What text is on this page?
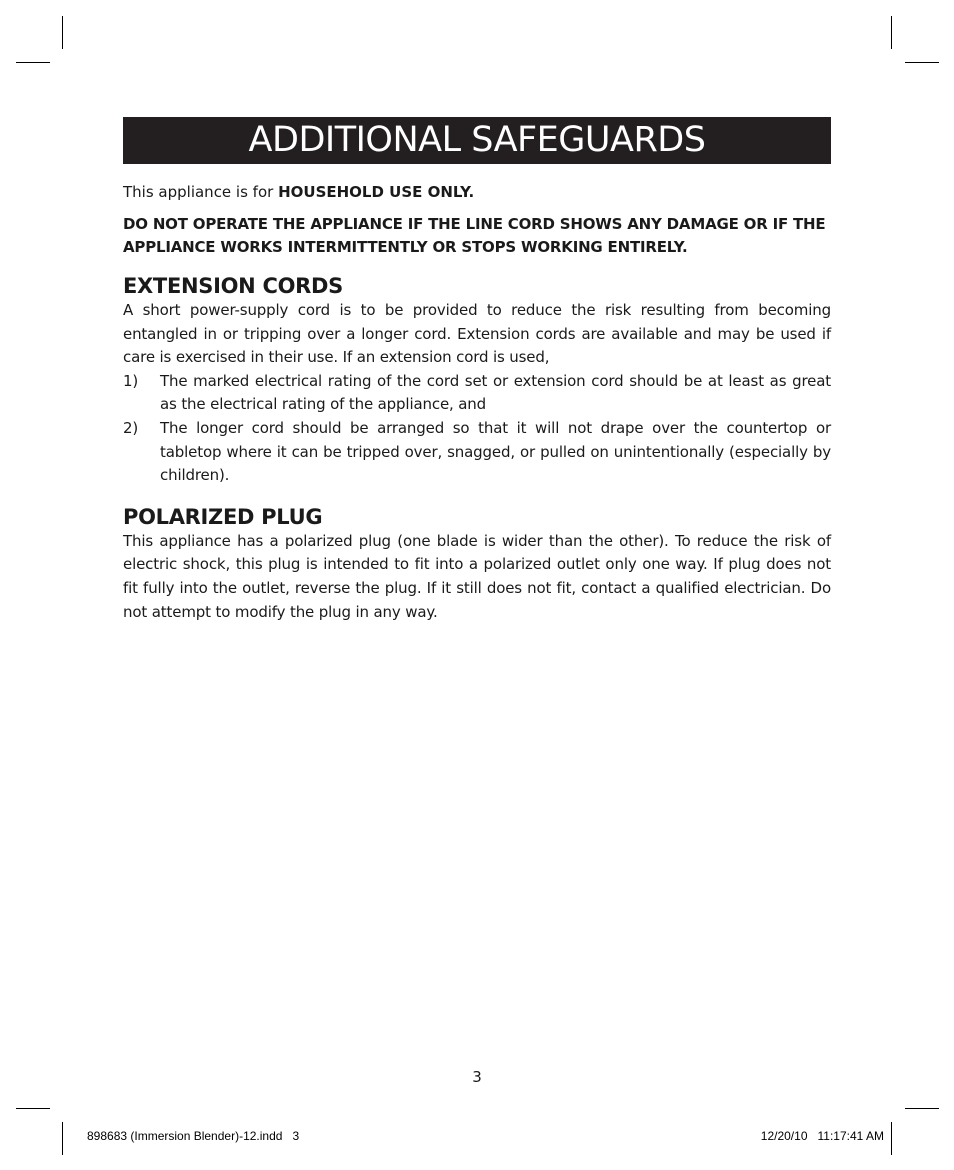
ADDITIONAL SAFEGUARDS

This appliance is for HOUSEHOLD USE ONLY.

DO NOT OPERATE THE APPLIANCE IF THE LINE CORD SHOWS ANY DAMAGE OR IF THE APPLIANCE WORKS INTERMITTENTLY OR STOPS WORKING ENTIRELY.

EXTENSION CORDS

A short power-supply cord is to be provided to reduce the risk resulting from becoming entangled in or tripping over a longer cord. Extension cords are available and may be used if care is exercised in their use. If an extension cord is used,

1) The marked electrical rating of the cord set or extension cord should be at least as great as the electrical rating of the appliance, and
2) The longer cord should be arranged so that it will not drape over the countertop or tabletop where it can be tripped over, snagged, or pulled on unintentionally (especially by children).
POLARIZED PLUG

This appliance has a polarized plug (one blade is wider than the other). To reduce the risk of electric shock, this plug is intended to fit into a polarized outlet only one way. If plug does not fit fully into the outlet, reverse the plug. If it still does not fit, contact a qualified electrician. Do not attempt to modify the plug in any way.

3
898683 (Immersion Blender)-12.indd   3	12/20/10   11:17:41 AM
